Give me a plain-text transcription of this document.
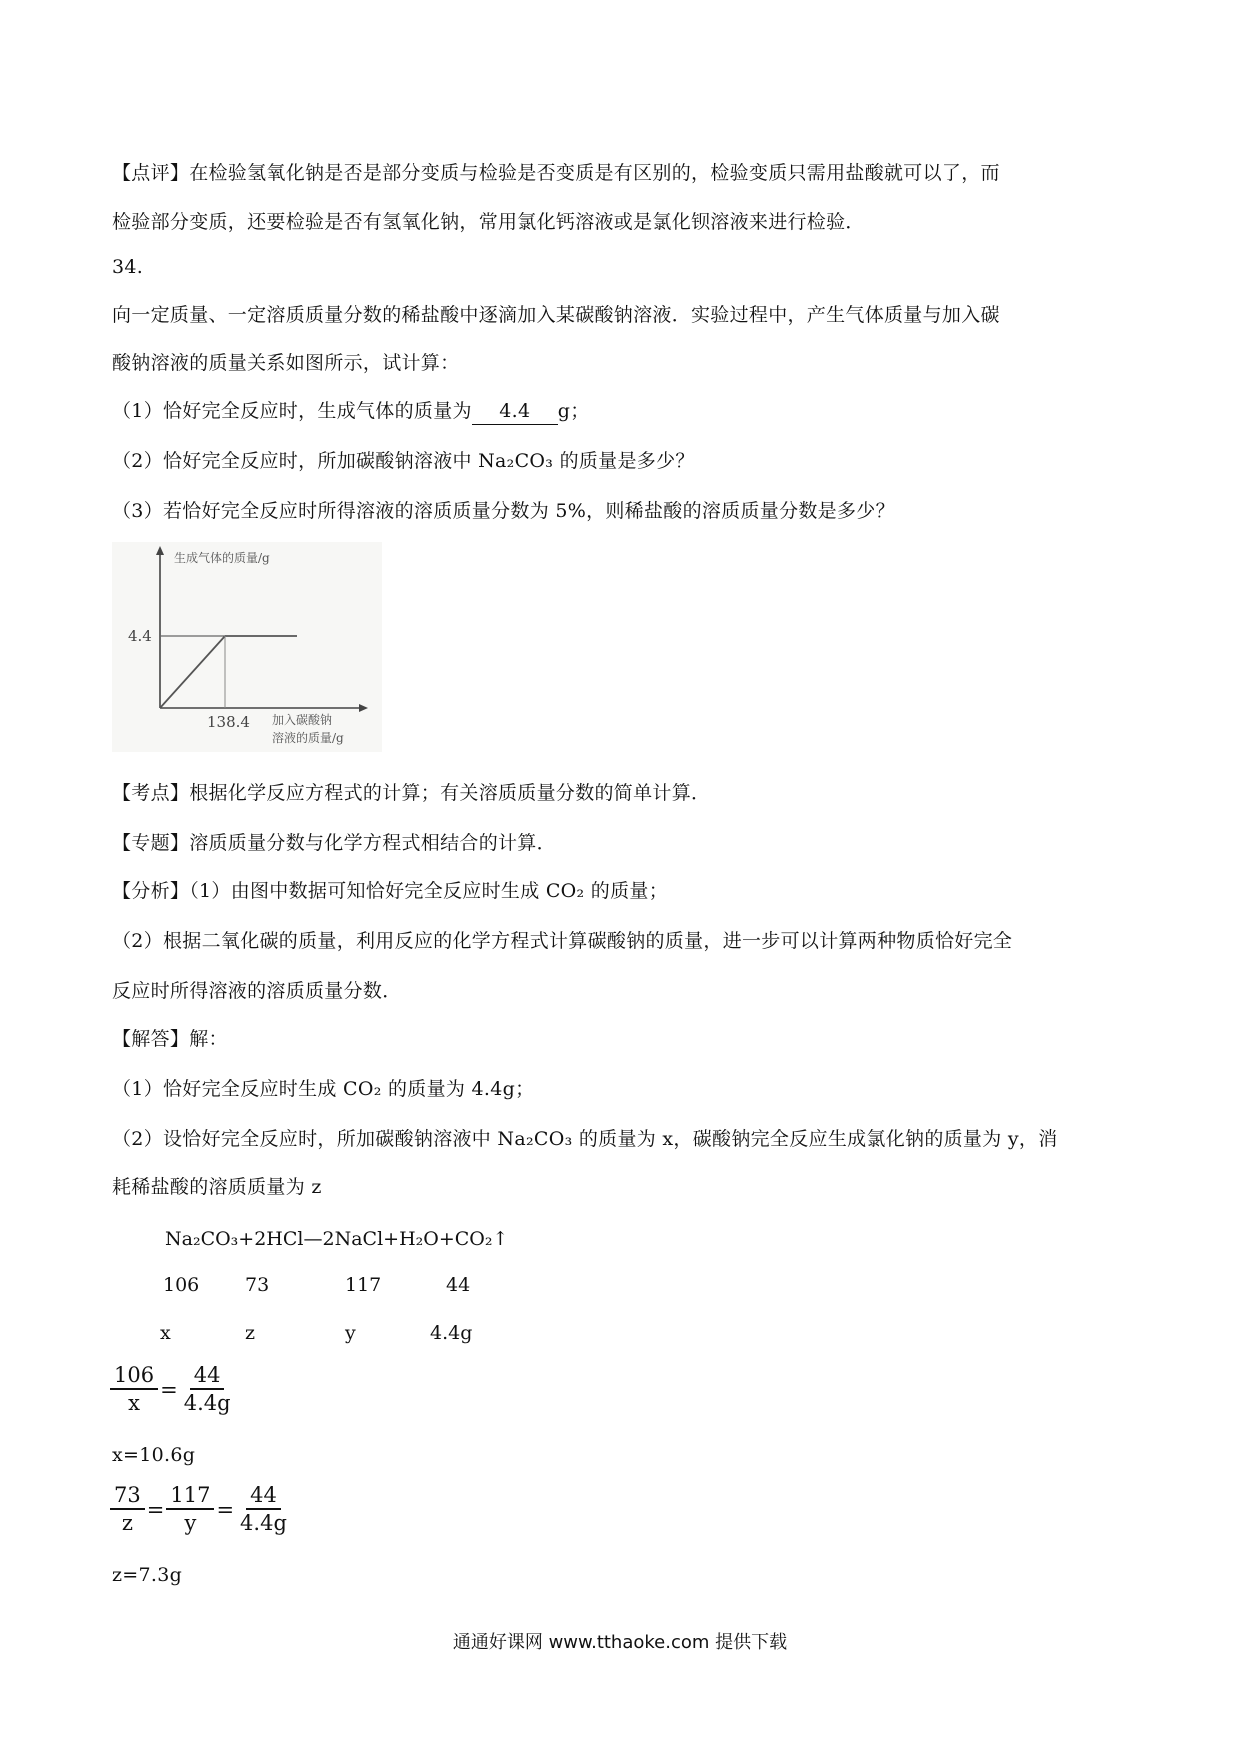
【点评】在检验氢氧化钠是否是部分变质与检验是否变质是有区别的，检验变质只需用盐酸就可以了，而
检验部分变质，还要检验是否有氢氧化钠，常用氯化钙溶液或是氯化钡溶液来进行检验．
34.
向一定质量、一定溶质质量分数的稀盐酸中逐滴加入某碳酸钠溶液．实验过程中，产生气体质量与加入碳
酸钠溶液的质量关系如图所示，试计算：
（1）恰好完全反应时，生成气体的质量为 4.4 g；
（2）恰好完全反应时，所加碳酸钠溶液中 Na₂CO₃ 的质量是多少？
（3）若恰好完全反应时所得溶液的溶质质量分数为 5%，则稀盐酸的溶质质量分数是多少？
生成气体的质量/g
4.4
138.4 加入碳酸钠
溶液的质量/g
【考点】根据化学反应方程式的计算；有关溶质质量分数的简单计算．
【专题】溶质质量分数与化学方程式相结合的计算．
【分析】（1）由图中数据可知恰好完全反应时生成 CO₂ 的质量；
（2）根据二氧化碳的质量，利用反应的化学方程式计算碳酸钠的质量，进一步可以计算两种物质恰好完全
反应时所得溶液的溶质质量分数．
【解答】解：
（1）恰好完全反应时生成 CO₂ 的质量为 4.4g；
（2）设恰好完全反应时，所加碳酸钠溶液中 Na₂CO₃ 的质量为 x，碳酸钠完全反应生成氯化钠的质量为 y，消
耗稀盐酸的溶质质量为 z
Na₂CO₃+2HCl—2NaCl+H₂O+CO₂↑
106 73	117	44
x	z	y	4.4g
$\frac{106}{x} = \frac{44}{4.4g}$
x=10.6g
$\frac{73}{z} = \frac{117}{y} = \frac{44}{4.4g}$
z=7.3g
通通好课网 www.tthaoke.com 提供下载
